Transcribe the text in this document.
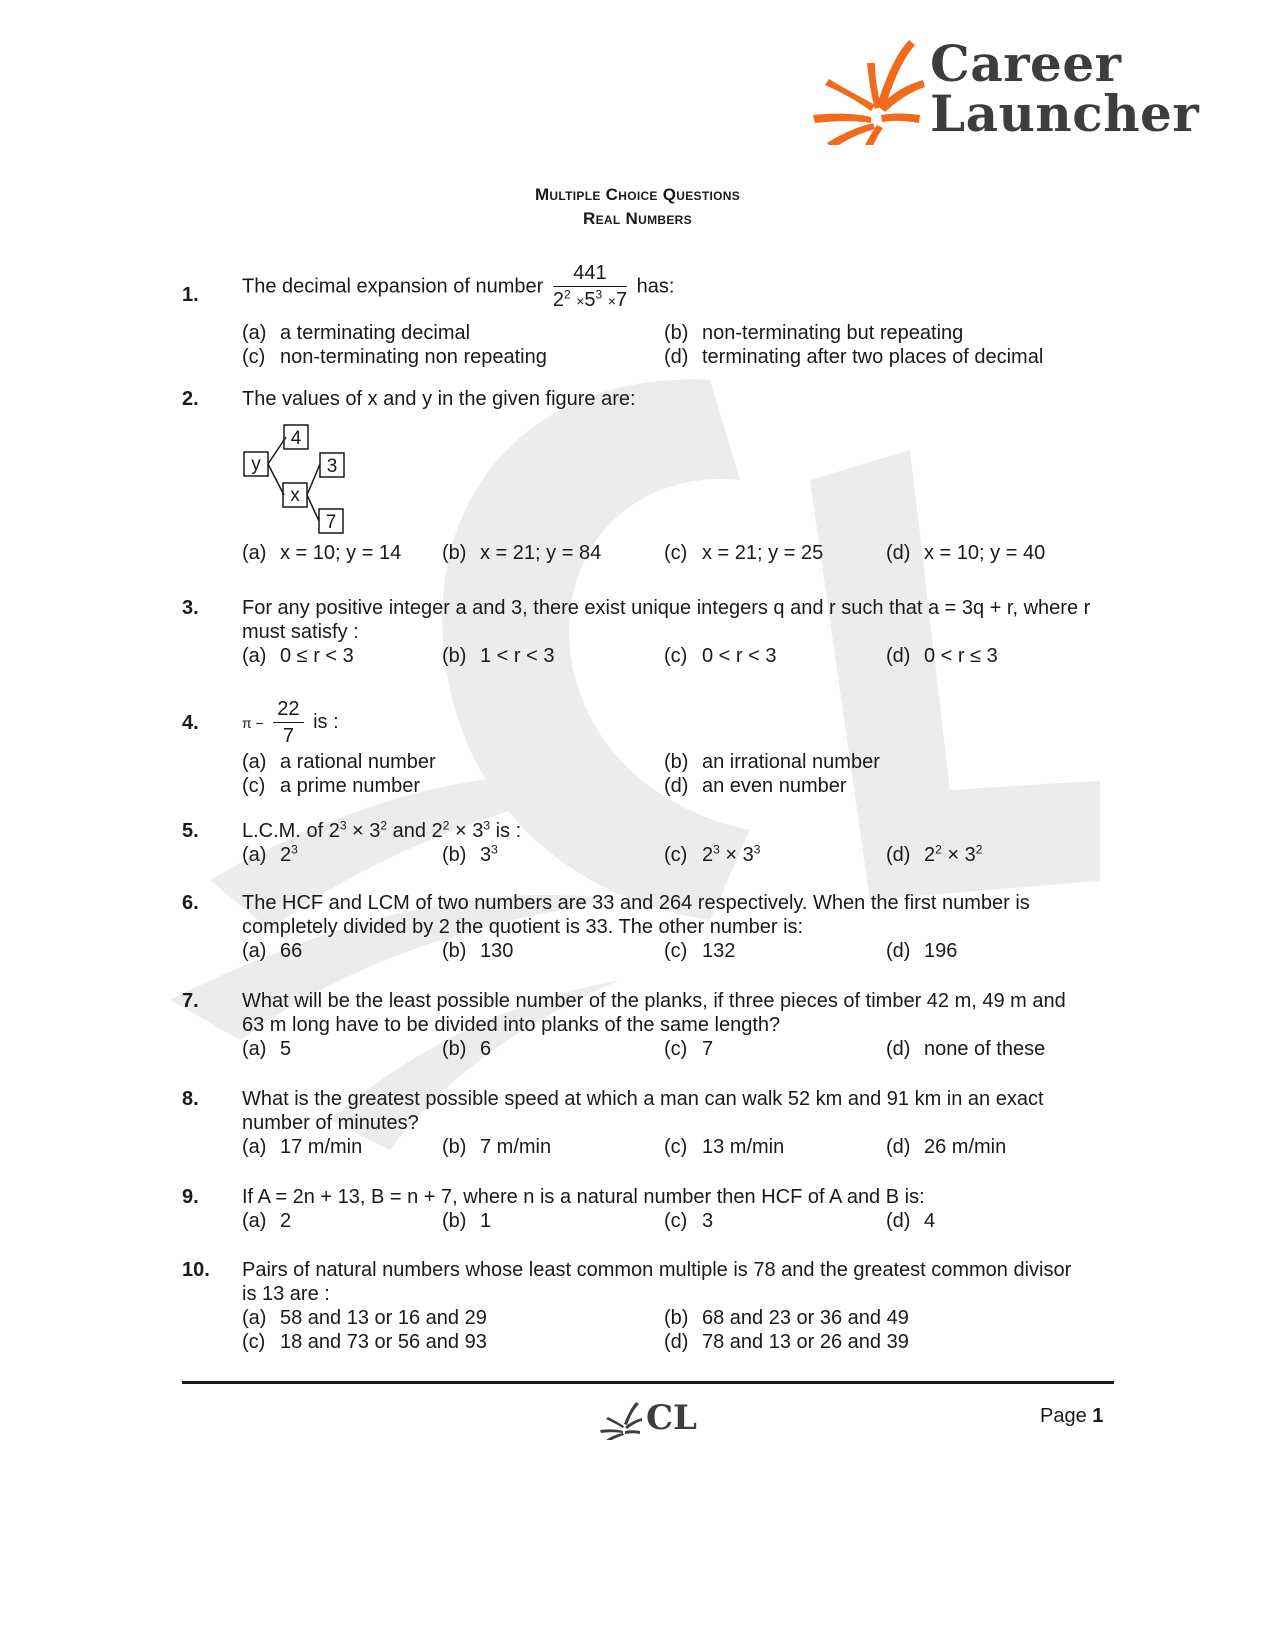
Career
Launcher
Multiple Choice Questions
Real Numbers
1.	The decimal expansion of number $\frac{441}{2^2 \times 5^3 \times 7}$ has:
(a) a terminating decimal	(b) non-terminating but repeating
(c) non-terminating non repeating	(d) terminating after two places of decimal
2.	The values of x and y in the given figure are:
4
y	3
x
7
(a) x = 10; y = 14 (b) x = 21; y = 84	(c) x = 21; y = 25	(d) x = 10; y = 40
3.	For any positive integer a and 3, there exist unique integers q and r such that a = 3q + r, where r
must satisfy :
(a) 0 ≤ r < 3	(b) 1 < r < 3	(c) 0 < r < 3	(d) 0 < r ≤ 3
4.	$\pi - \frac{22}{7}$ is :
(a) a rational number	(b) an irrational number
(c) a prime number	(d) an even number
5.	L.C.M. of $2^3 \times 3^2$ and $2^2 \times 3^3$ is :
(a) $2^3$	(b) $3^3$	(c) $2^3 \times 3^3$	(d) $2^2 \times 3^2$
6.	The HCF and LCM of two numbers are 33 and 264 respectively. When the first number is
completely divided by 2 the quotient is 33. The other number is:
(a) 66	(b) 130	(c) 132	(d) 196
7.	What will be the least possible number of the planks, if three pieces of timber 42 m, 49 m and
63 m long have to be divided into planks of the same length?
(a) 5	(b) 6	(c) 7	(d) none of these
8.	What is the greatest possible speed at which a man can walk 52 km and 91 km in an exact
number of minutes?
(a) 17 m/min	(b) 7 m/min	(c) 13 m/min	(d) 26 m/min
9.	If A = 2n + 13, B = n + 7, where n is a natural number then HCF of A and B is:
(a) 2	(b) 1	(c) 3	(d) 4
10.	Pairs of natural numbers whose least common multiple is 78 and the greatest common divisor
is 13 are :
(a) 58 and 13 or 16 and 29	(b) 68 and 23 or 36 and 49
(c) 18 and 73 or 56 and 93	(d) 78 and 13 or 26 and 39
CL	Page 1
